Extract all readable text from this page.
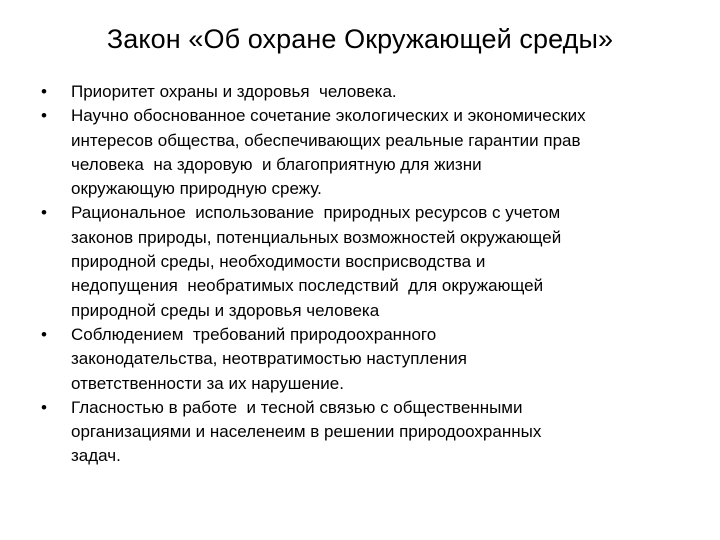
Закон «Об охране Окружающей среды»
• Приоритет охраны и здоровья  человека.
• Научно обоснованное сочетание экологических и экономических
интересов общества, обеспечивающих реальные гарантии прав
человека  на здоровую  и благоприятную для жизни
окружающую природную срежу.
• Рациональное  использование  природных ресурсов с учетом
законов природы, потенциальных возможностей окружающей
природной среды, необходимости восприсводства и
недопущения  необратимых последствий  для окружающей
природной среды и здоровья человека
• Соблюдением  требований природоохранного
законодательства, неотвратимостью наступления
ответственности за их нарушение.
• Гласностью в работе  и тесной связью с общественными
организациями и населенеим в решении природоохранных
задач.
